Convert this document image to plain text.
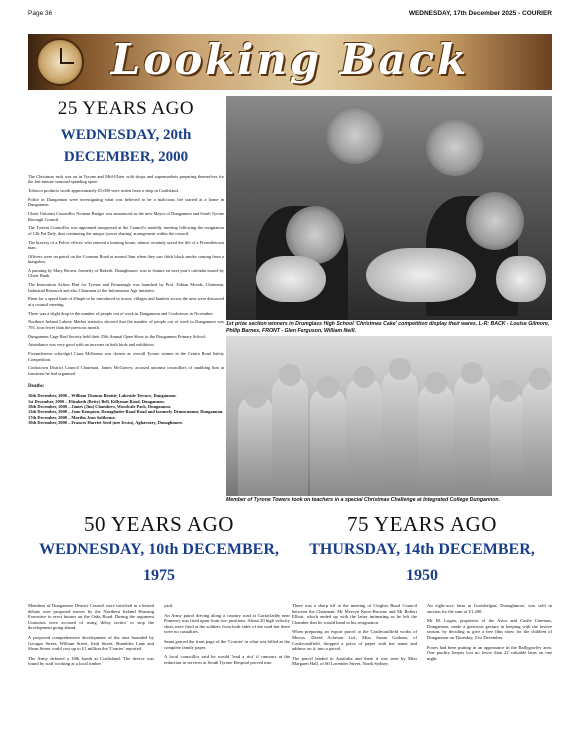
Page 36	WEDNESDAY, 17th December 2025 - COURIER
Looking Back
25 YEARS AGO
WEDNESDAY, 20th DECEMBER, 2000

The Christmas rush was on in Tyrone and Mid-Ulster with shops and supermarkets preparing themselves for the last minute seasonal spending spree.

Tobacco products worth approximately £5,000 were stolen from a shop in Coalisland.

Police in Dungannon were investigating what was believed to be a malicious fire started at a home in Dungannon.

Ulster Unionist Councillor Norman Badger was announced as the new Mayor of Dungannon and South Tyrone Borough Council.

The Torrent Councillor was appointed unopposed at the Council's monthly meeting following the resignation of Cllr Pat Daly, thus continuing the unique 'power sharing' arrangement within the council.

The bravery of a Police officer, who entered a burning house, almost certainly saved the life of a Fivemiletown man.

Officers were on patrol on the Coonean Road at around 3am when they saw thick black smoke coming from a bungalow.

A painting by Mary Brown, formerly of Bakerh, Donaghmore, was to feature on next year's calendar issued by Ulster Bank.

The Innovation Action Plan for Tyrone and Fermanagh was launched by Prof. Fabian Monds, Chairman, Industrial Research and also Chairman of the Information Age initiative.

Plans for a speed limit of 20mph to be introduced in towns, villages and hamlets across the area were discussed at a council meeting.

There was a slight drop in the number of people out of work in Dungannon and Cookstown in November.

Northern Ireland Labour Market statistics showed that the number of people out of work in Dungannon was 793, four fewer than the previous month.

Dungannon Cage Bird Society held their 25th Annual Open Show in the Dungannon Primary School.

Attendance was very good with an increase in both birds and exhibitors.

Fivemiletown schoolgirl Ciara McKenna was chosen as overall Tyrone winner in the Centra Road Safety Competition.

Cookstown District Council Chairman, James McGarvey, accused unionist councillors of snubbing him at functions he had organised.

Deaths:

16th December, 2000 – William Thomas Beattie, Lakeside Terrace, Dungannon.

1st December, 2000 – Elizabeth (Betty) Bell, Killyman Road, Dungannon.

18th December, 2000 – James (Jim) Chambers, Woodvale Park, Dungannon.

13th December, 2000 – Joan Kempton, Donaghadee Road Road and formerly Drumcunnur, Dungannon.

17th December, 2000 – Martha Jean Salthouse.

10th December, 2000 – Frances Harriet Seed (nee Irwin), Aghaveary, Donaghmore.

1st prize section winners in Drumglass High School 'Christmas Cake' competition display their wares. L-R: BACK - Louise Gilmore, Philip Barnes, FRONT - Glen Ferguson, William Neill.
Member of Tyrone Towers took on teachers in a special Christmas Challenge at Integrated College Dungannon.
50 YEARS AGO
WEDNESDAY, 10th DECEMBER, 1975

Members of Dungannon District Council were involved in a heated debate over proposed moves by the Northern Ireland Housing Executive to erect houses on the Oaks Road. During the argument Unionists were accused of using 'delay tactics' to stop the development going ahead.

A proposed comprehensive development of the area bounded by Georges Street, William Street, Irish Street, Shambles Lane and Sloan Street could cost up to £1 million the 'Courier' reported.

The Army defused a 10lb bomb at Coalisland. The device was found by staff working at a local timber

yard.

An Army patrol driving along a country road at Gortacladdy near Pomeroy was fired upon from two positions. About 20 high velocity shots were fired at the soldiers from both sides of the road but there were no casualties.

Santa graced the front page of the 'Courier' in what was billed as the complete family paper.

A local councillor said he would 'lead a riot' if rumours at the reduction in services at South Tyrone Hospital proved true.

75 YEARS AGO
THURSDAY, 14th DECEMBER, 1950

There was a sharp tiff at the meeting of Clogher Rural Council between the Chairman, Mr Mervyn Knox-Browne and Mr Robert Elliott, which ended up with the latter intimating as he left the Chamber that he would hand in his resignation.

When preparing an export parcel at the Castlecaulfield works of Messrs. David Acheson Ltd., Miss Susan Graham, of Castlecaulfield, dropped a piece of paper with her name and address on it, into a parcel.

The parcel landed in Australia and there it was seen by Miss Margaret Hall, of 60 Lavender Street, North Sydney.

An eight-acre farm at Gortshalgan, Donaghmore, was sold in auction for the sum of £1,200.

Mr M. Logan, proprietor of the Astor and Castle Cinemas, Dungannon, made a generous gesture in keeping with the festive season, by deciding to give a free film show for the children of Dungannon on Thursday, 21st December.

Foxes had been putting in an appearance in the Ballygawley area. One poultry keeper lost no fewer than 22 valuable hens on one night.
